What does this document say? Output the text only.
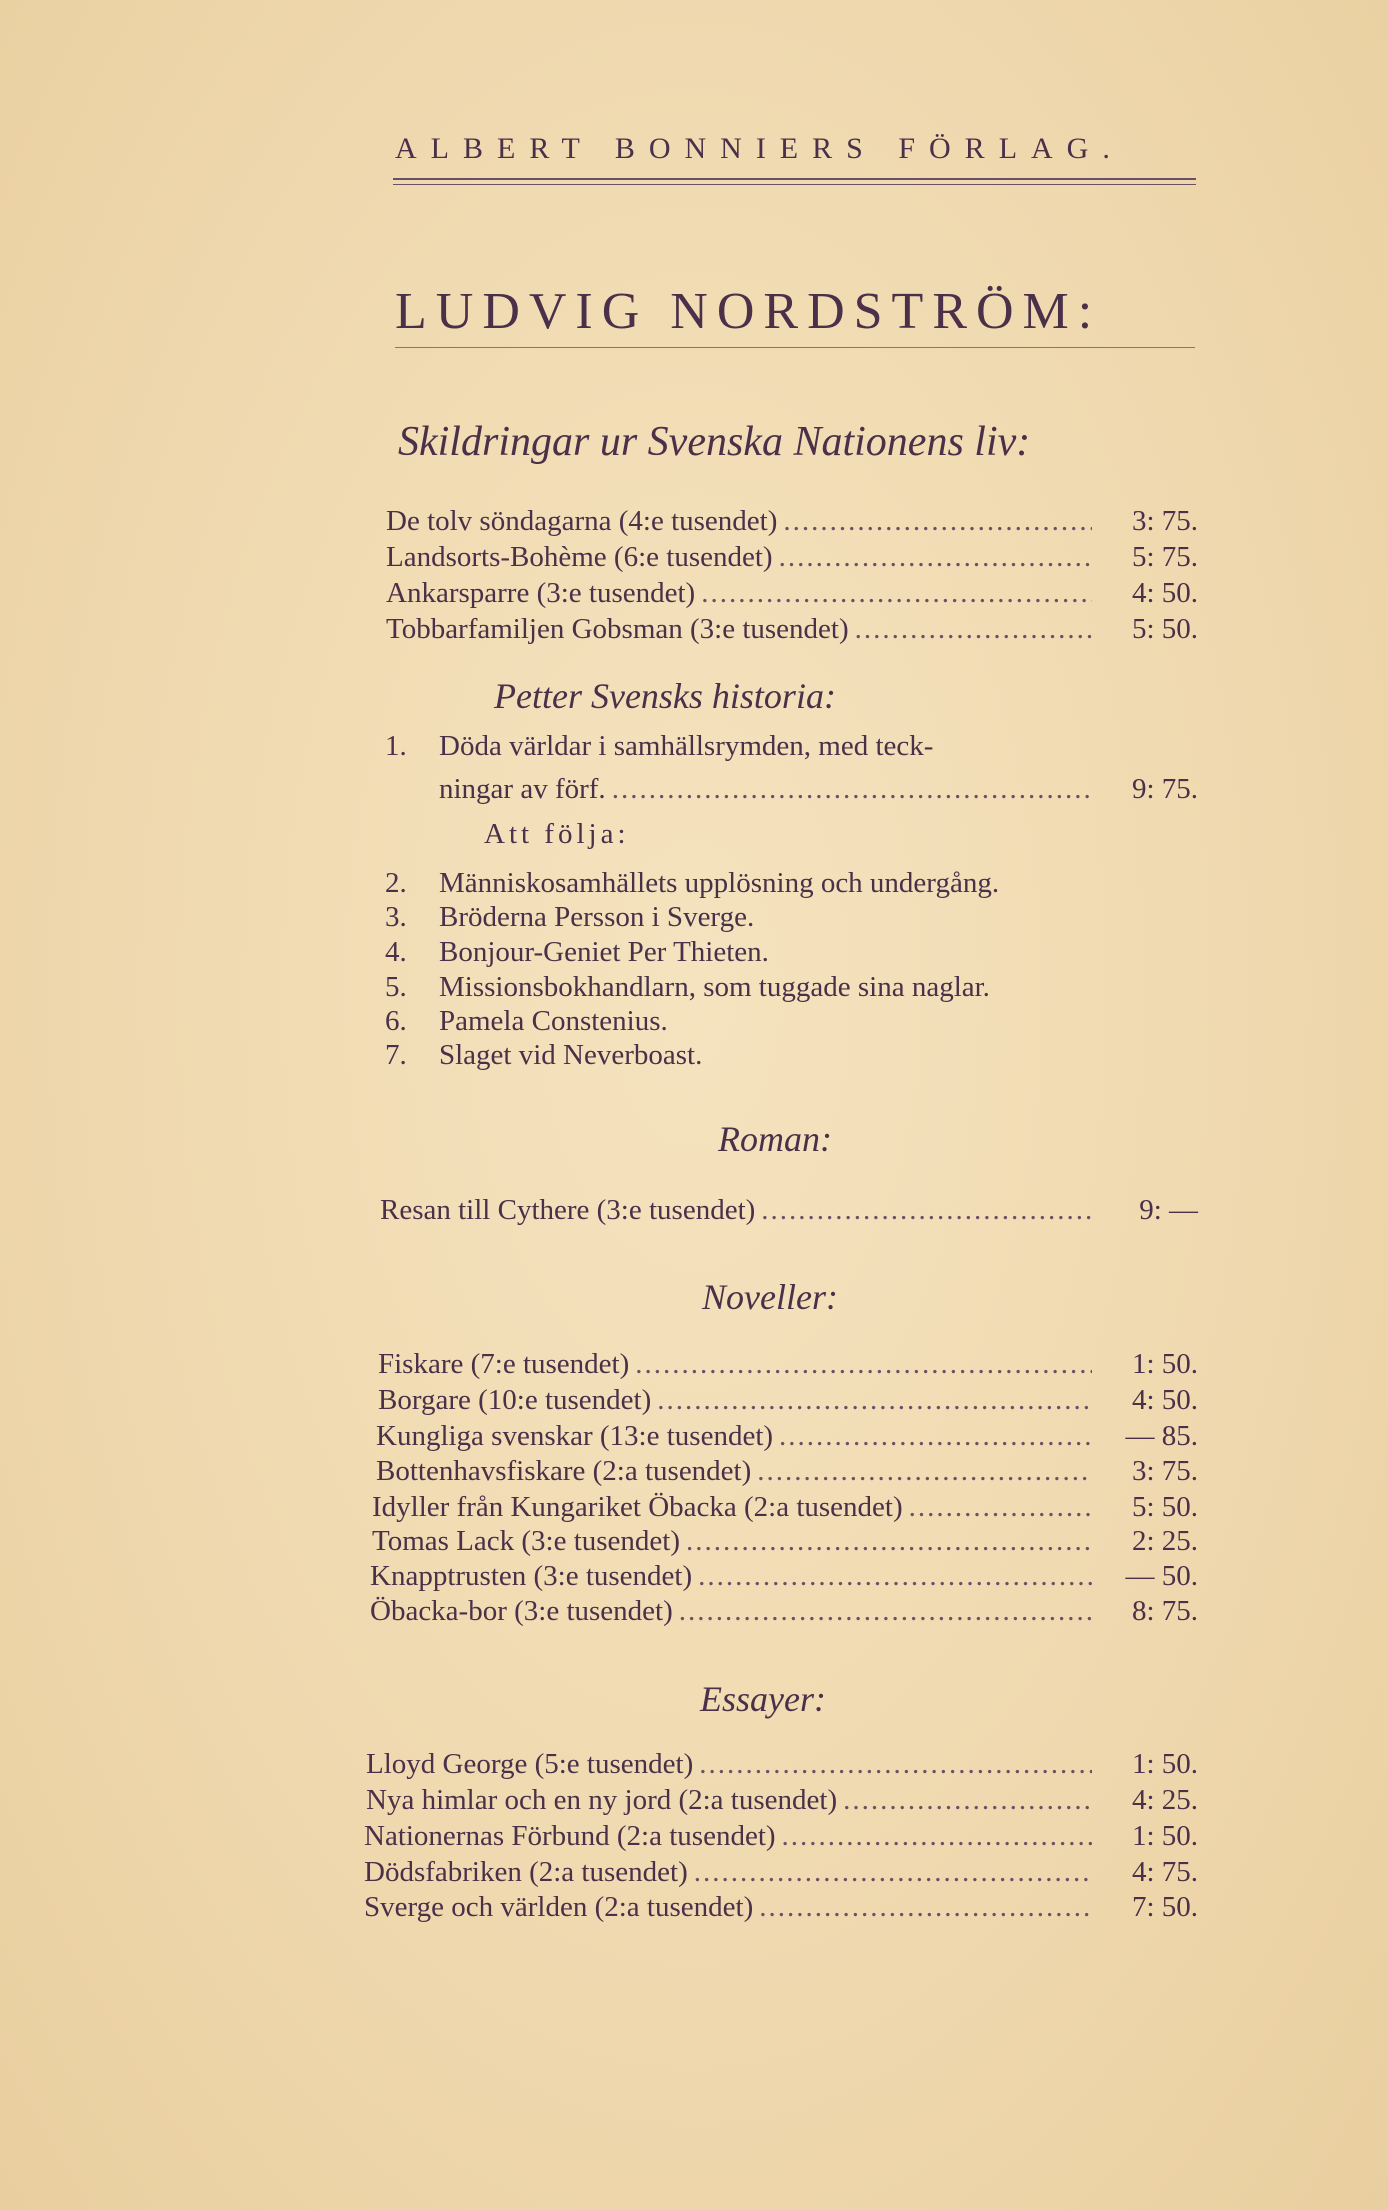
ALBERT BONNIERS FÖRLAG.
LUDVIG NORDSTRÖM:
Skildringar ur Svenska Nationens liv:
De tolv söndagarna (4:e tusendet) .....	3: 75.
Landsorts-Bohème (6:e tusendet) .....	5: 75.
Ankarsparre (3:e tusendet) .....	4: 50.
Tobbarfamiljen Gobsman (3:e tusendet) .....	5: 50.
Petter Svensks historia:
1.	Döda världar i samhällsrymden, med teck-
ningar av förf. .....	9: 75.
Att följa:
2.	Människosamhällets upplösning och undergång.
3.	Bröderna Persson i Sverge.
4.	Bonjour-Geniet Per Thieten.
5.	Missionsbokhandlarn, som tuggade sina naglar.
6.	Pamela Constenius.
7.	Slaget vid Neverboast.
Roman:
Resan till Cythere (3:e tusendet) .....	9: —
Noveller:
Fiskare (7:e tusendet) .....	1: 50.
Borgare (10:e tusendet) .....	4: 50.
Kungliga svenskar (13:e tusendet) .....	— 85.
Bottenhavsfiskare (2:a tusendet) .....	3: 75.
Idyller från Kungariket Öbacka (2:a tusendet) .....	5: 50.
Tomas Lack (3:e tusendet) .....	2: 25.
Knapptrusten (3:e tusendet) .....	— 50.
Öbacka-bor (3:e tusendet) .....	8: 75.
Essayer:
Lloyd George (5:e tusendet) .....	1: 50.
Nya himlar och en ny jord (2:a tusendet) .....	4: 25.
Nationernas Förbund (2:a tusendet) .....	1: 50.
Dödsfabriken (2:a tusendet) .....	4: 75.
Sverge och världen (2:a tusendet) .....	7: 50.
